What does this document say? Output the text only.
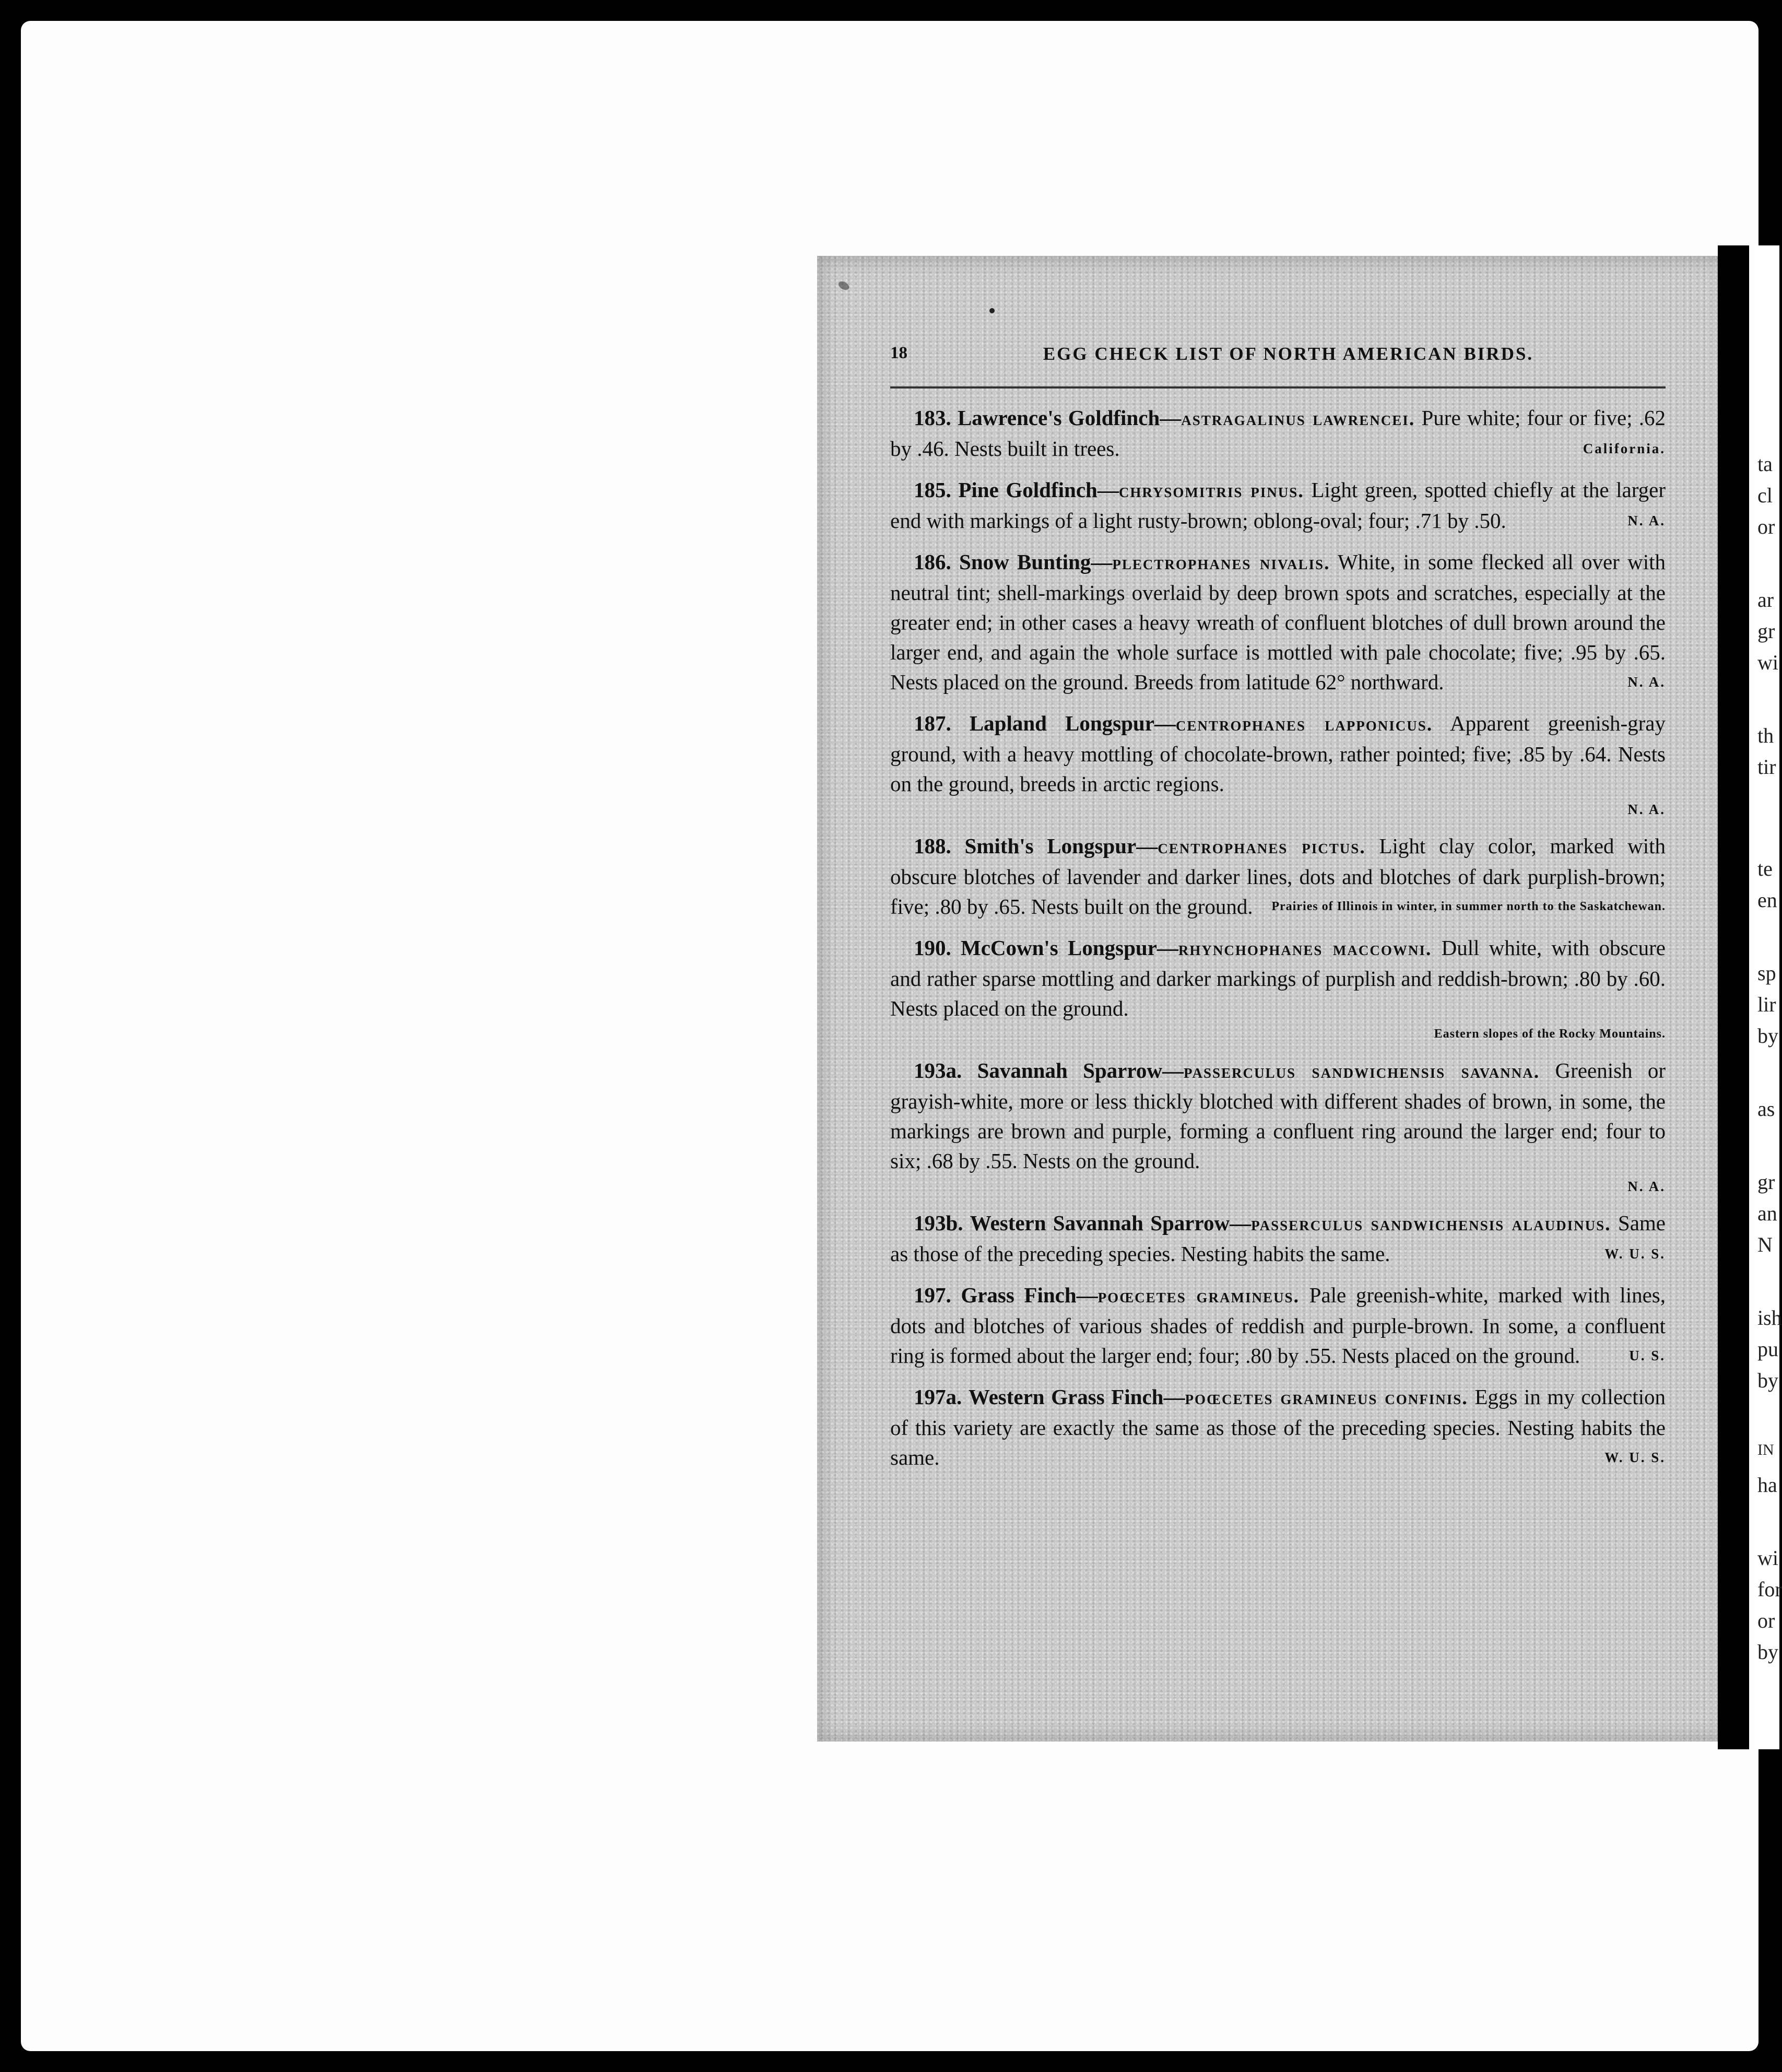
18	EGG CHECK LIST OF NORTH AMERICAN BIRDS.
183. Lawrence's Goldfinch—astragalinus lawrencei. Pure white; four or five; .62 by .46. Nests built in trees.	California.
185. Pine Goldfinch—chrysomitris pinus. Light green, spotted chiefly at the larger end with markings of a light rusty-brown; oblong-oval; four; .71 by .50.	N. A.
186. Snow Bunting—plectrophanes nivalis. White, in some flecked all over with neutral tint; shell-markings overlaid by deep brown spots and scratches, especially at the greater end; in other cases a heavy wreath of confluent blotches of dull brown around the larger end, and again the whole surface is mottled with pale chocolate; five; .95 by .65. Nests placed on the ground. Breeds from latitude 62° northward.	N. A.
187. Lapland Longspur—centrophanes lapponicus. Apparent greenish-gray ground, with a heavy mottling of chocolate-brown, rather pointed; five; .85 by .64. Nests on the ground, breeds in arctic regions.
N. A.
188. Smith's Longspur—centrophanes pictus. Light clay color, marked with obscure blotches of lavender and darker lines, dots and blotches of dark purplish-brown; five; .80 by .65. Nests built on the ground. Prairies of Illinois in winter, in summer north to the Saskatchewan.
190. McCown's Longspur—rhynchophanes maccowni. Dull white, with obscure and rather sparse mottling and darker markings of purplish and reddish-brown; .80 by .60. Nests placed on the ground.
Eastern slopes of the Rocky Mountains.
193a. Savannah Sparrow—passerculus sandwichensis savanna. Greenish or grayish-white, more or less thickly blotched with different shades of brown, in some, the markings are brown and purple, forming a confluent ring around the larger end; four to six; .68 by .55. Nests on the ground.
N. A.
193b. Western Savannah Sparrow—passerculus sandwichensis alaudinus. Same as those of the preceding species. Nesting habits the same.	W. U. S.
197. Grass Finch—poœcetes gramineus. Pale greenish-white, marked with lines, dots and blotches of various shades of reddish and purple-brown. In some, a confluent ring is formed about the larger end; four; .80 by .55. Nests placed on the ground.	U. S.
197a. Western Grass Finch—poœcetes gramineus confinis. Eggs in my collection of this variety are exactly the same as those of the preceding species. Nesting habits the same.	W. U. S.
ta
cl
or
ar
gr
wi
th
tir
te
en
sp
lir
by
as
gr
an
N
ish
pu
by
IN
ha
wi
for
or
by
